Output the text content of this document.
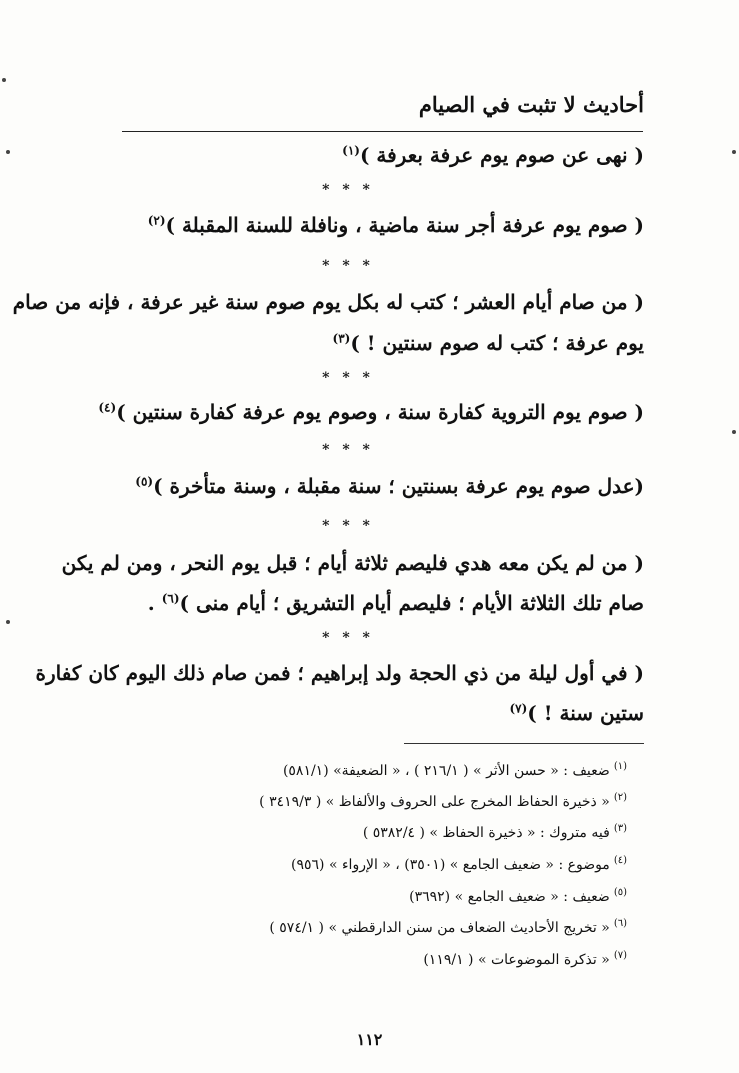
أحاديث لا تثبت في الصيام
( نهى عن صوم يوم عرفة بعرفة )$^{(١)}$
* * *
( صوم يوم عرفة أجر سنة ماضية ، ونافلة للسنة المقبلة )$^{(٢)}$
* * *
( من صام أيام العشر ؛ كتب له بكل يوم صوم سنة غير عرفة ، فإنه من صام
يوم عرفة ؛ كتب له صوم سنتين ! )$^{(٣)}$
* * *
( صوم يوم التروية كفارة سنة ، وصوم يوم عرفة كفارة سنتين )$^{(٤)}$
* * *
(عدل صوم يوم عرفة بسنتين ؛ سنة مقبلة ، وسنة متأخرة )$^{(٥)}$
* * *
( من لم يكن معه هدي فليصم ثلاثة أيام ؛ قبل يوم النحر ، ومن لم يكن
صام تلك الثلاثة الأيام ؛ فليصم أيام التشريق ؛ أيام منى )$^{(٦)}$ .
* * *
( في أول ليلة من ذي الحجة ولد إبراهيم ؛ فمن صام ذلك اليوم كان كفارة
ستين سنة ! )$^{(٧)}$
$^{(١)}$ضعيف : « حسن الأثر » ( ٢١٦/١ ) ، « الضعيفة» (٥٨١/١)
$^{(٢)}$« ذخيرة الحفاظ المخرج على الحروف والألفاظ » ( ٣٤١٩/٣ )
$^{(٣)}$فيه متروك : « ذخيرة الحفاظ » ( ٥٣٨٢/٤ )
$^{(٤)}$موضوع : « ضعيف الجامع » (٣٥٠١) ، « الإرواء » (٩٥٦)
$^{(٥)}$ضعيف : « ضعيف الجامع » (٣٦٩٢)
$^{(٦)}$« تخريج الأحاديث الضعاف من سنن الدارقطني » ( ٥٧٤/١ )
$^{(٧)}$« تذكرة الموضوعات » ( ١١٩/١)
١١٢
